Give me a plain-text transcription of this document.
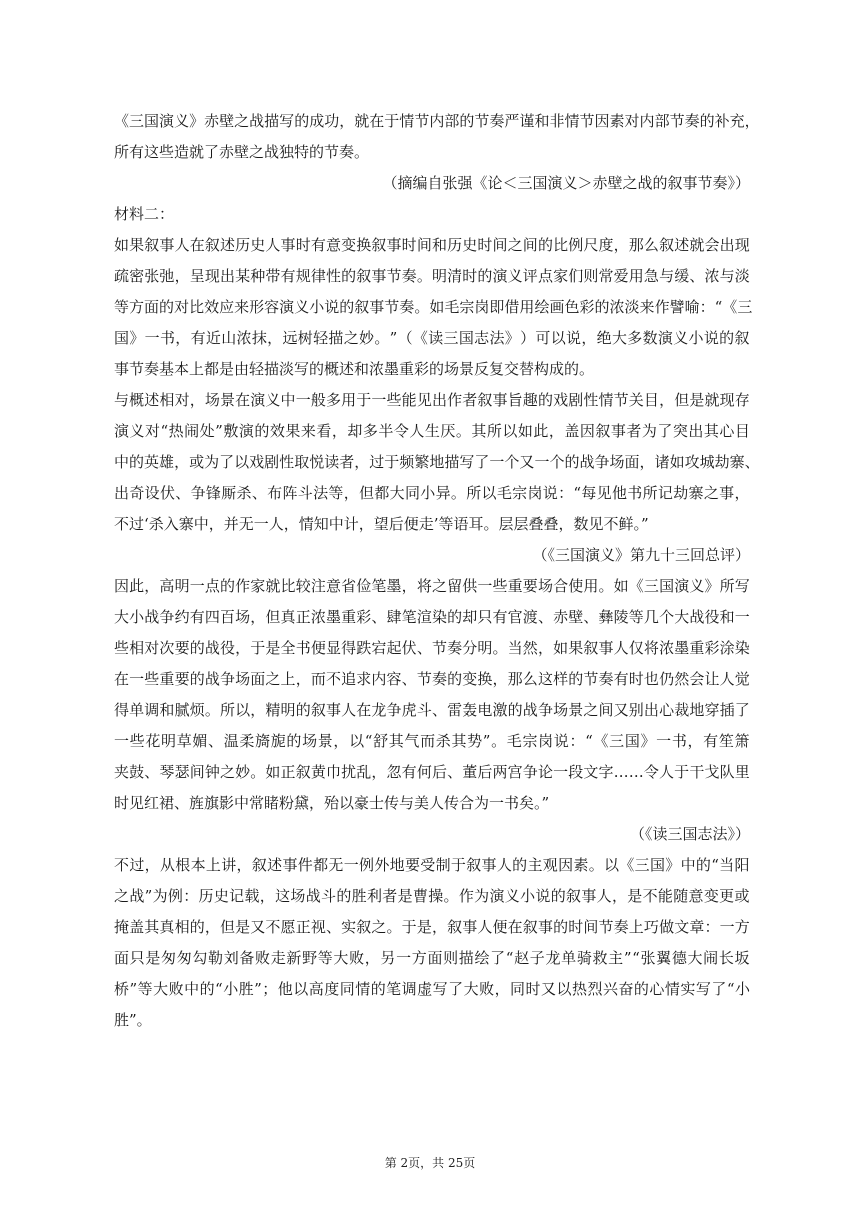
《 三 国 演 义 》 赤 壁 之 战 描 写 的 成 功 ， 就 在 于 情 节 内 部 的 节 奏 严 谨 和 非 情 节 因 素 对 内 部 节 奏 的 补 充 ，
所有这些造就了赤壁之战独特的节奏。
（摘编自张强《论＜三国演义＞赤壁之战的叙事节奏》）
材料二：
如 果 叙 事 人 在 叙 述 历 史 人 事 时 有 意 变 换 叙 事 时 间 和 历 史 时 间 之 间 的 比 例 尺 度 ， 那 么 叙 述 就 会 出 现
疏 密 张 弛 ， 呈 现 出 某 种 带 有 规 律 性 的 叙 事 节 奏 。 明 清 时 的 演 义 评 点 家 们 则 常 爱 用 急 与 缓 、 浓 与 淡
等 方 面 的 对 比 效 应 来 形 容 演 义 小 说 的 叙 事 节 奏 。 如 毛 宗 岗 即 借 用 绘 画 色 彩 的 浓 淡 来 作 譬 喻 ： “ 《 三
国 》 一 书 ， 有 近 山 浓 抹 ， 远 树 轻 描 之 妙 。 ” （ 《 读 三 国 志 法 》 ） 可 以 说 ， 绝 大 多 数 演 义 小 说 的 叙
事节奏基本上都是由轻描淡写的概述和浓墨重彩的场景反复交替构成的。
与 概 述 相 对 ， 场 景 在 演 义 中 一 般 多 用 于 一 些 能 见 出 作 者 叙 事 旨 趣 的 戏 剧 性 情 节 关 目 ， 但 是 就 现 存
演 义 对 “ 热 闹 处 ” 敷 演 的 效 果 来 看 ， 却 多 半 令 人 生 厌 。 其 所 以 如 此 ， 盖 因 叙 事 者 为 了 突 出 其 心 目
中 的 英 雄 ， 或 为 了 以 戏 剧 性 取 悦 读 者 ， 过 于 频 繁 地 描 写 了 一 个 又 一 个 的 战 争 场 面 ， 诸 如 攻 城 劫 寨 、
出 奇 设 伏 、 争 锋 厮 杀 、 布 阵 斗 法 等 ， 但 都 大 同 小 异 。 所 以 毛 宗 岗 说 ： “ 每 见 他 书 所 记 劫 寨 之 事 ，
不过‘杀入寨中，并无一人，情知中计，望后便走’等语耳。层层叠叠，数见不鲜。”
（《三国演义》第九十三回总评）
因 此 ， 高 明 一 点 的 作 家 就 比 较 注 意 省 俭 笔 墨 ， 将 之 留 供 一 些 重 要 场 合 使 用 。 如 《 三 国 演 义 》 所 写
大 小 战 争 约 有 四 百 场 ， 但 真 正 浓 墨 重 彩 、 肆 笔 渲 染 的 却 只 有 官 渡 、 赤 壁 、 彝 陵 等 几 个 大 战 役 和 一
些 相 对 次 要 的 战 役 ， 于 是 全 书 便 显 得 跌 宕 起 伏 、 节 奏 分 明 。 当 然 ， 如 果 叙 事 人 仅 将 浓 墨 重 彩 涂 染
在 一 些 重 要 的 战 争 场 面 之 上 ， 而 不 追 求 内 容 、 节 奏 的 变 换 ， 那 么 这 样 的 节 奏 有 时 也 仍 然 会 让 人 觉
得 单 调 和 腻 烦 。 所 以 ， 精 明 的 叙 事 人 在 龙 争 虎 斗 、 雷 轰 电 激 的 战 争 场 景 之 间 又 别 出 心 裁 地 穿 插 了
一 些 花 明 草 媚 、 温 柔 旖 旎 的 场 景 ， 以 “ 舒 其 气 而 杀 其 势 ” 。 毛 宗 岗 说 ： “ 《 三 国 》 一 书 ， 有 笙 箫
夹 鼓 、 琴 瑟 间 钟 之 妙 。 如 正 叙 黄 巾 扰 乱 ， 忽 有 何 后 、 董 后 两 宫 争 论 一 段 文 字 … … 令 人 于 干 戈 队 里
时见红裙、旌旗影中常睹粉黛，殆以豪士传与美人传合为一书矣。”
（《读三国志法》）
不 过 ， 从 根 本 上 讲 ， 叙 述 事 件 都 无 一 例 外 地 要 受 制 于 叙 事 人 的 主 观 因 素 。 以 《 三 国 》 中 的 “ 当 阳
之 战 ” 为 例 ： 历 史 记 载 ， 这 场 战 斗 的 胜 利 者 是 曹 操 。 作 为 演 义 小 说 的 叙 事 人 ， 是 不 能 随 意 变 更 或
掩 盖 其 真 相 的 ， 但 是 又 不 愿 正 视 、 实 叙 之 。 于 是 ， 叙 事 人 便 在 叙 事 的 时 间 节 奏 上 巧 做 文 章 ： 一 方
面 只 是 匆 匆 勾 勒 刘 备 败 走 新 野 等 大 败 ， 另 一 方 面 则 描 绘 了 “ 赵 子 龙 单 骑 救 主 ” “ 张 翼 德 大 闹 长 坂
桥 ” 等 大 败 中 的 “ 小 胜 ” ； 他 以 高 度 同 情 的 笔 调 虚 写 了 大 败 ， 同 时 又 以 热 烈 兴 奋 的 心 情 实 写 了 “ 小
胜”。
第 2页，共 25页
